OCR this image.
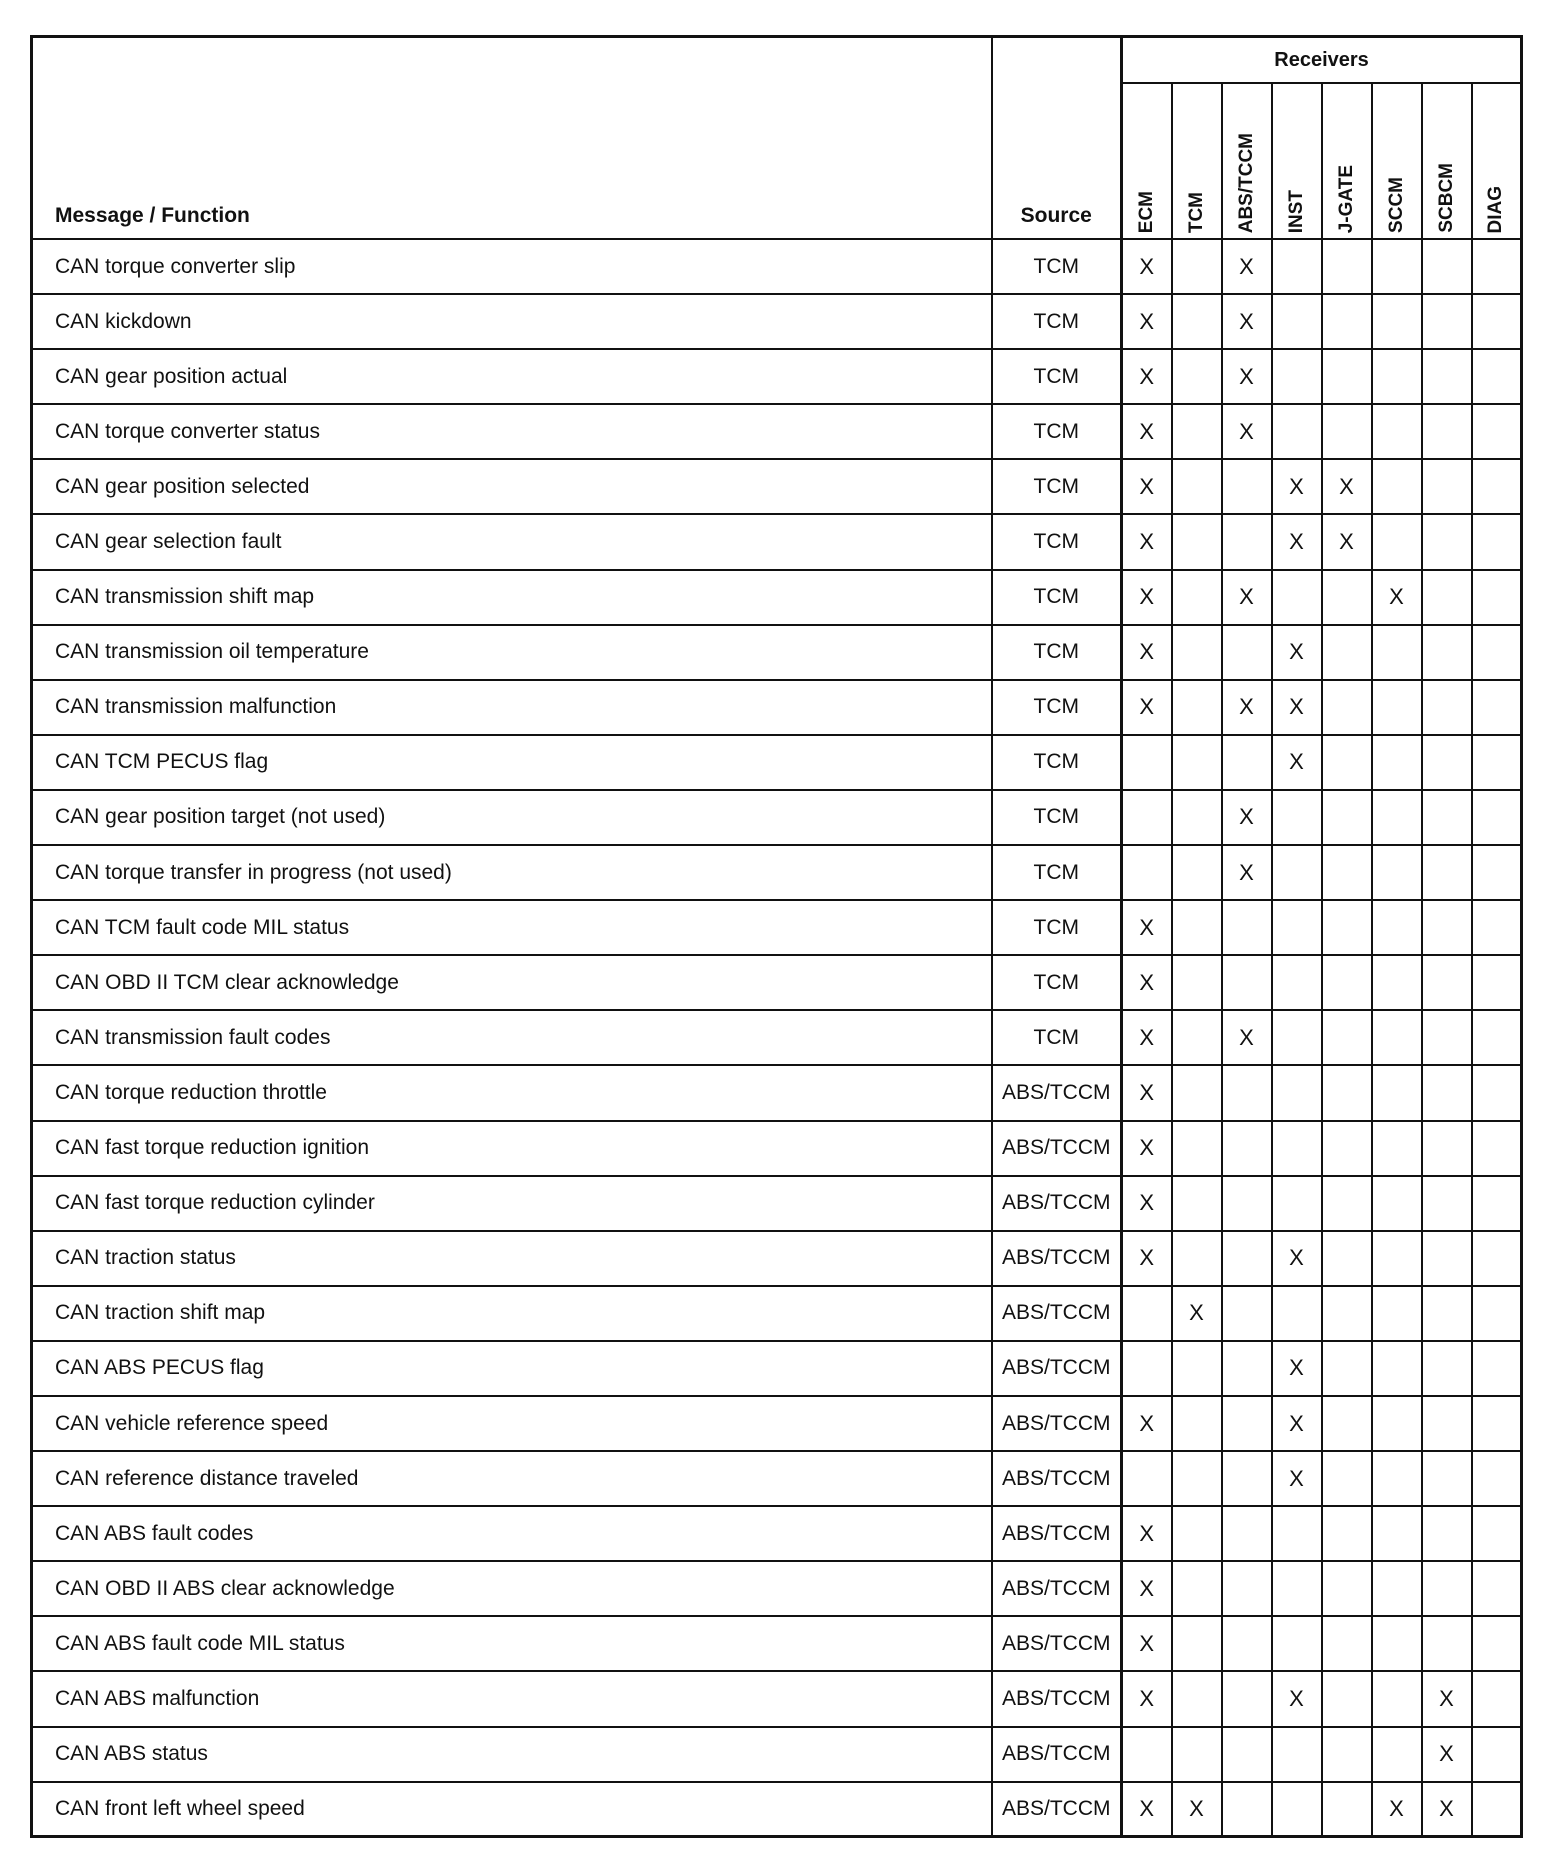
Message / Function	Source	Receivers							
		ECM	TCM	ABS/TCCM	INST	J-GATE	SCCM	SCBCM	DIAG
CAN torque converter slip	TCM	X		X					
CAN kickdown	TCM	X		X					
CAN gear position actual	TCM	X		X					
CAN torque converter status	TCM	X		X					
CAN gear position selected	TCM	X			X	X			
CAN gear selection fault	TCM	X			X	X			
CAN transmission shift map	TCM	X		X			X		
CAN transmission oil temperature	TCM	X			X				
CAN transmission malfunction	TCM	X		X	X				
CAN TCM PECUS flag	TCM				X				
CAN gear position target (not used)	TCM			X					
CAN torque transfer in progress (not used)	TCM			X					
CAN TCM fault code MIL status	TCM	X							
CAN OBD II TCM clear acknowledge	TCM	X							
CAN transmission fault codes	TCM	X		X					
CAN torque reduction throttle	ABS/TCCM	X							
CAN fast torque reduction ignition	ABS/TCCM	X							
CAN fast torque reduction cylinder	ABS/TCCM	X							
CAN traction status	ABS/TCCM	X			X				
CAN traction shift map	ABS/TCCM		X						
CAN ABS PECUS flag	ABS/TCCM				X				
CAN vehicle reference speed	ABS/TCCM	X			X				
CAN reference distance traveled	ABS/TCCM				X				
CAN ABS fault codes	ABS/TCCM	X							
CAN OBD II ABS clear acknowledge	ABS/TCCM	X							
CAN ABS fault code MIL status	ABS/TCCM	X							
CAN ABS malfunction	ABS/TCCM	X			X			X	
CAN ABS status	ABS/TCCM							X	
CAN front left wheel speed	ABS/TCCM	X	X				X	X	
